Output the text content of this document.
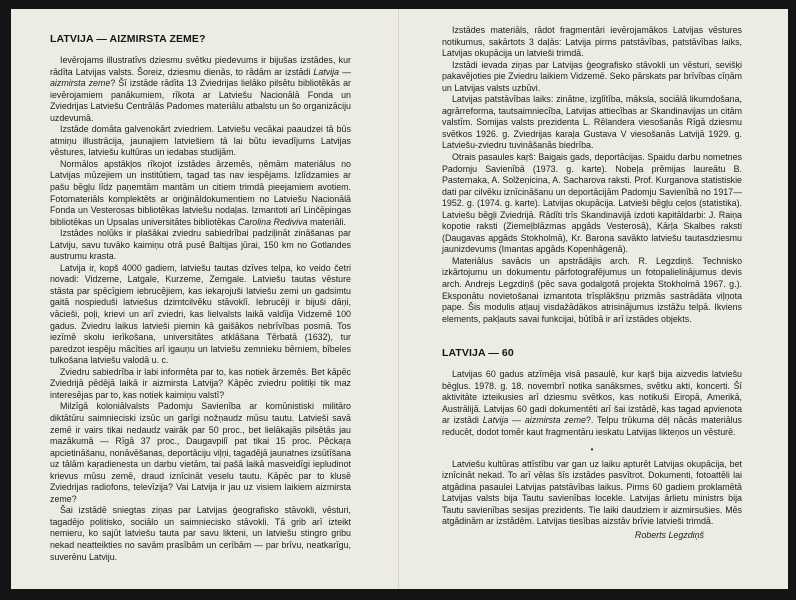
LATVIJA — AIZMIRSTA ZEME?

Ievērojams illustratīvs dziesmu svētku piedevums ir bijušas izstādes, kur rādīta Latvijas valsts. Šoreiz, dziesmu dienās, to rādām ar izstādi Latvija — aizmirsta zeme? Šī izstāde rādīta 13 Zviedrijas lielāko pilsētu bibliotēkās ar ievērojamiem panākumiem, rīkota ar Latviešu Nacionālā Fonda un Zviedrijas Latviešu Centrālās Padomes materiālu atbalstu un šo organizāciju uzdevumā.

Izstāde domāta galvenokārt zviedriem. Latviešu vecākai paaudzei tā būs atmiņu illustrācija, jaunajiem latviešiem tā lai būtu ievadījums Latvijas vēstures, latviešu kultūras un iedabas studijām.

Normālos apstākļos rīkojot izstādes ārzemēs, ņēmām materiālus no Latvijas mūzejiem un institūtiem, tagad tas nav iespējams. Izlīdzamies ar pašu bēgļu līdz paņemtām mantām un citiem trimdā pieejamiem avotiem. Fotomateriāls komplektēts ar oriģināldokumentiem no Latviešu Nacionālā Fonda un Vesterosas bibliotēkas latviešu nodaļas. Izmantoti arī Linčēpingas bibliotēkas un Upsalas universitātes bibliotēkas Carolina Rediviva materiāli.

Izstādes nolūks ir plašākai zviedru sabiedrībai padziļināt zināšanas par Latviju, savu tuvāko kaimiņu otrā pusē Baltijas jūrai, 150 km no Gotlandes austrumu krasta.

Latvija ir, kopš 4000 gadiem, latviešu tautas dzīves telpa, ko veido četri novadi: Vidzeme, Latgale, Kurzeme, Zemgale. Latviešu tautas vēsture stāsta par spēcīgiem iebrucējiem, kas iekaŗojuši latviešu zemi un gadsimtu gaitā nospieduši latviešus dzimtcilvēku stāvoklī. Iebrucēji ir bijuši dāņi, vācieši, poļi, krievi un arī zviedri, kas lielvalsts laikā valdīja Vidzemē 100 gadus. Zviedru laikus latvieši piemin kā gaišākos nebrīvības posmā. Tos iezīmē skolu ierīkošana, universitātes atklāšana Tērbatā (1632), tur paredzot iespēju mācīties arī igauņu un latviešu zemnieku bērniem, bībeles tulkošana latviešu valodā u. c.

Zviedru sabiedrība ir labi informēta par to, kas notiek ārzemēs. Bet kāpēc Zviedrijā pēdējā laikā ir aizmirsta Latvija? Kāpēc zviedru politiķi tik maz interesējas par to, kas notiek kaimiņu valstī?

Milzīgā koloniālvalsts Padomju Savienība ar komūnistiski militāro diktātūru saimnieciski izsūc un garīgi nožņaudz mūsu tautu. Latvieši savā zemē ir vairs tikai nedaudz vairāk par 50 proc., bet lielākajās pilsētās jau mazākumā — Rīgā 37 proc., Daugavpilī pat tikai 15 proc. Pēckaŗa apcietināšanu, nonāvēšanas, deportāciju viļņi, tagadējā jaunatnes izsūtīšana uz tālām kaŗadienesta un darbu vietām, tai pašā laikā masveidīgi iepludinot krievus mūsu zemē, draud iznīcināt veselu tautu. Kāpēc par to klusē Zviedrijas radiofons, televīzija? Vai Latvija ir jau uz visiem laikiem aizmirsta zeme?

Šai izstādē sniegtas ziņas par Latvijas ģeografisko stāvokli, vēsturi, tagadējo politisko, sociālo un saimniecisko stāvokli. Tā grib arī izteikt nemieru, ko sajūt latviešu tauta par savu likteni, un latviešu stingro gribu nekad neatteikties no savām prasībām un cerībām — par brīvu, neatkarīgu, suverēnu Latviju.

Izstādes materiāls, rādot fragmentāri ievērojamākos Latvijas vēstures notikumus, sakārtots 3 daļās: Latvija pirms patstāvības, patstāvības laiks, Latvijas okupācija un latvieši trimdā.

Izstādi ievada ziņas par Latvijas ģeografisko stāvokli un vēsturi, sevišķi pakavējoties pie Zviedru laikiem Vidzemē. Seko pārskats par brīvības cīņām un Latvijas valsts uzbūvi.

Latvijas patstāvības laiks: zinātne, izglītība, māksla, sociālā likumdošana, agrārreforma, tautsaimniecība, Latvijas attiecības ar Skandinavijas un citām valstīm. Somijas valsts prezidenta L. Rēlandera viesošanās Rīgā dziesmu svētkos 1926. g. Zviedrijas karaļa Gustava V viesošanās Latvijā 1929. g. Latviešu-zviedru tuvināšanās biedrība.

Otrais pasaules kaŗš: Baigais gads, deportācijas. Spaidu darbu nometnes Padomju Savienībā (1973. g. karte). Nobeļa prēmijas laureātu B. Pasternaka, A. Solžeņicina, A. Sacharova raksti. Prof. Kurganova statistiskie dati par cilvēku iznīcināšanu un deportācijām Padomju Savienībā no 1917—1952. g. (1974. g. karte). Latvijas okupācija. Latvieši bēgļu ceļos (statistika). Latviešu bēgļi Zviedrijā. Rādīti trīs Skandinavijā izdoti kapitāldarbi: J. Raiņa kopotie raksti (Ziemeļblāzmas apgāds Vesterosā), Kārļa Skalbes raksti (Daugavas apgāds Stokholmā), Kr. Barona savākto latviešu tautasdziesmu jaunizdevums (Imantas apgāds Kopenhāgenā).

Materiālus savācis un apstrādājis arch. R. Legzdiņš. Technisko izkārtojumu un dokumentu pārfotografējumus un fotopalielinājumus devis arch. Andrejs Legzdiņš (pēc sava godalgotā projekta Stokholmā 1967. g.). Eksponātu novietošanai izmantota trīsplākšņu prizmās sastrādāta viļņota pape. Šis modulis atļauj visdažādākos atrisinājumus izstāžu telpā. Ikviens elements, pakļauts savai funkcijai, būtībā ir arī izstādes objekts.

LATVIJA — 60

Latvijas 60 gadus atzīmēja visā pasaulē, kur kaŗš bija aizvedis latviešu bēgļus. 1978. g. 18. novembrī notika sanāksmes, svētku akti, koncerti. Šī aktivitāte izteikusies arī dziesmu svētkos, kas notikuši Eiropā, Amerikā, Austrālijā. Latvijas 60 gadi dokumentēti arī šai izstādē, kas tagad apvienota ar izstādi Latvija — aizmirsta zeme?. Telpu trūkuma dēļ nācās materiālus reducēt, dodot tomēr kaut fragmentāru ieskatu Latvijas likteņos un vēsturē.

•

Latviešu kultūras attīstību var gan uz laiku apturēt Latvijas okupācija, bet iznīcināt nekad. To arī vēlas šīs izstādes pasvītrot. Dokumenti, fotoattēli lai atgādina pasaulei Latvijas patstāvības laikus. Pirms 60 gadiem proklamētā Latvijas valsts bija Tautu savienības locekle. Latvijas ārlietu ministrs bija Tautu savienības sesijas prezidents. Tie laiki daudziem ir aizmirsušies. Mēs atgādinām ar izstādēm. Latvijas tiesības aizstāv brīvie latvieši trimdā.

Roberts Legzdiņš
